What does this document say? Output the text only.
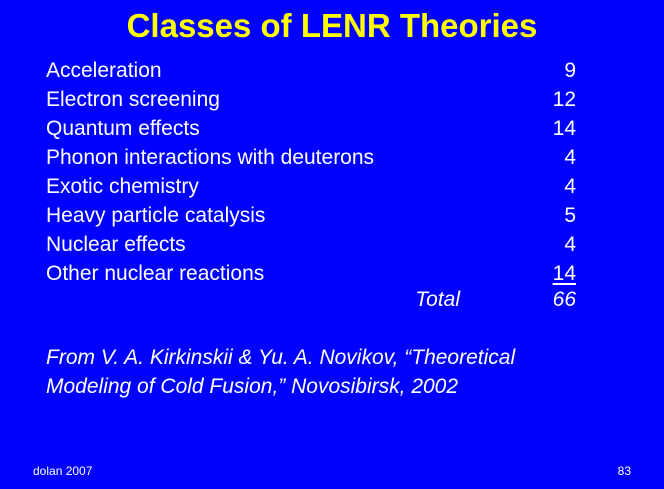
Classes of LENR Theories
Acceleration	9
Electron screening	12
Quantum effects	14
Phonon interactions with deuterons	4
Exotic chemistry	4
Heavy particle catalysis	5
Nuclear effects	4
Other nuclear reactions	14
Total	66
From V. A. Kirkinskii & Yu. A. Novikov, “Theoretical
Modeling of Cold Fusion,” Novosibirsk, 2002
dolan 2007	83
